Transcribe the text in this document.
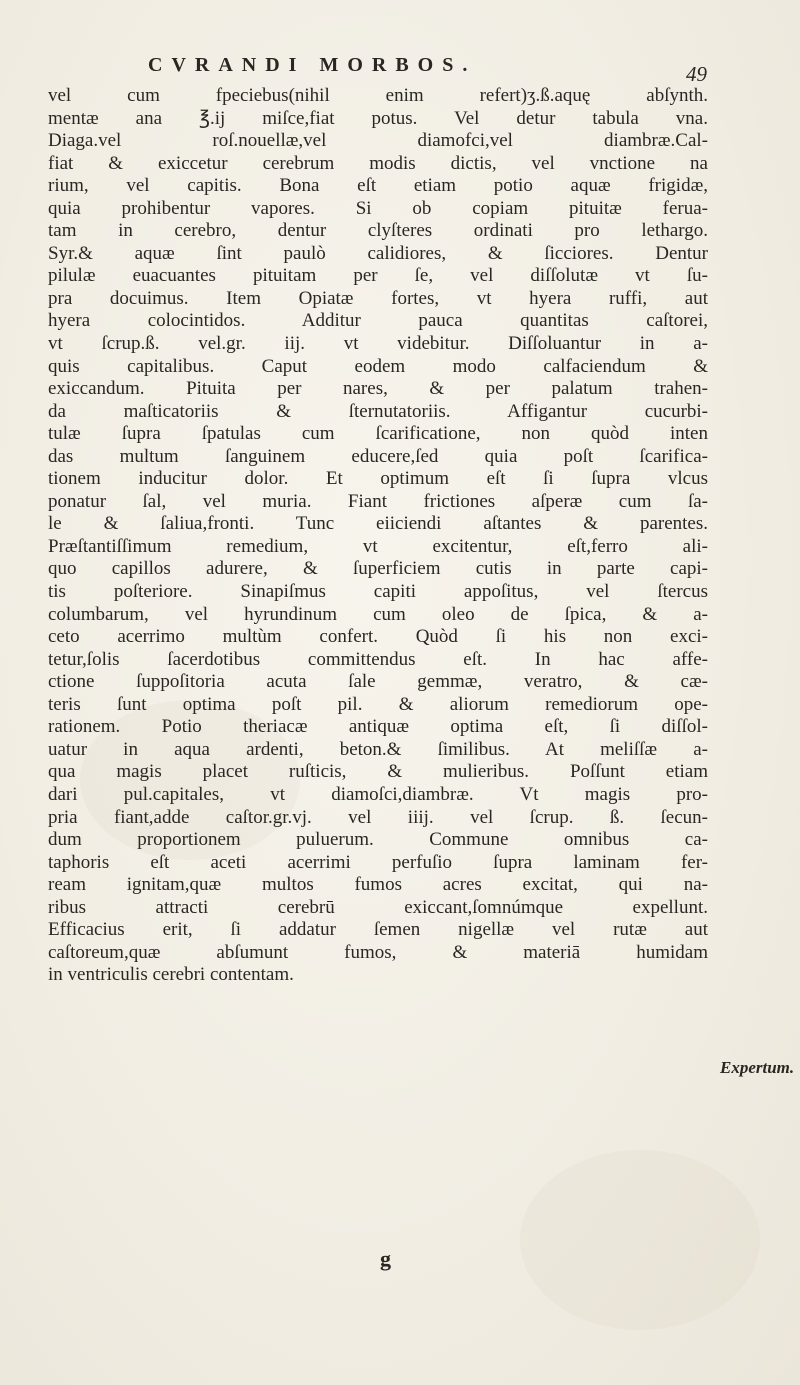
CVRANDI MORBOS.	49
vel cum fpeciebus(nihil enim refert)ʒ.ß.aquę abſynth.
mentæ ana ℥.ij miſce,fiat potus. Vel detur tabula vna.
Diaga.vel roſ.nouellæ,vel diamofci,vel diambræ.Cal-
fiat & exiccetur cerebrum modis dictis, vel vnctione na
rium, vel capitis. Bona eſt etiam potio aquæ frigidæ,
quia prohibentur vapores. Si ob copiam pituitæ ferua-
tam in cerebro, dentur clyſteres ordinati pro lethargo.
Syr.& aquæ ſint paulò calidiores, & ſicciores. Dentur
pilulæ euacuantes pituitam per ſe, vel diſſolutæ vt ſu-
pra docuimus. Item Opiatæ fortes, vt hyera ruffi, aut
hyera colocintidos. Additur pauca quantitas caſtorei,
vt ſcrup.ß. vel.gr. iij. vt videbitur. Diſſoluantur in a-
quis capitalibus. Caput eodem modo calfaciendum &
exiccandum. Pituita per nares, & per palatum trahen-
da maſticatoriis & ſternutatoriis. Affigantur cucurbi-
tulæ ſupra ſpatulas cum ſcarificatione, non quòd inten
das multum ſanguinem educere,ſed quia poſt ſcarifica-
tionem inducitur dolor. Et optimum eſt ſi ſupra vlcus
ponatur ſal, vel muria. Fiant frictiones aſperæ cum ſa-
le & ſaliua,fronti. Tunc eiiciendi aſtantes & parentes.
Præſtantiſſimum remedium, vt excitentur, eſt,ferro ali-
quo capillos adurere, & ſuperficiem cutis in parte capi-
tis poſteriore. Sinapiſmus capiti appoſitus, vel ſtercus
columbarum, vel hyrundinum cum oleo de ſpica, & a-
ceto acerrimo multùm confert. Quòd ſi his non exci-
tetur,ſolis ſacerdotibus committendus eſt. In hac affe-
ctione ſuppoſitoria acuta ſale gemmæ, veratro, & cæ-
teris ſunt optima poſt pil. & aliorum remediorum ope-
rationem. Potio theriacæ antiquæ optima eſt, ſi diſſol-
uatur in aqua ardenti, beton.& ſimilibus. At meliſſæ a-
qua magis placet ruſticis, & mulieribus. Poſſunt etiam
dari pul.capitales, vt diamoſci,diambræ. Vt magis pro-
pria fiant,adde caſtor.gr.vj. vel iiij. vel ſcrup. ß. ſecun-
dum proportionem puluerum. Commune omnibus ca-
taphoris eſt aceti acerrimi perfuſio ſupra laminam fer-
ream ignitam,quæ multos fumos acres excitat, qui na-
ribus attracti cerebrū exiccant,ſomnúmque expellunt.
Efficacius erit, ſi addatur ſemen nigellæ vel rutæ aut
caſtoreum,quæ abſumunt fumos, & materiā humidam
in ventriculis cerebri contentam.
Expertum.
g
